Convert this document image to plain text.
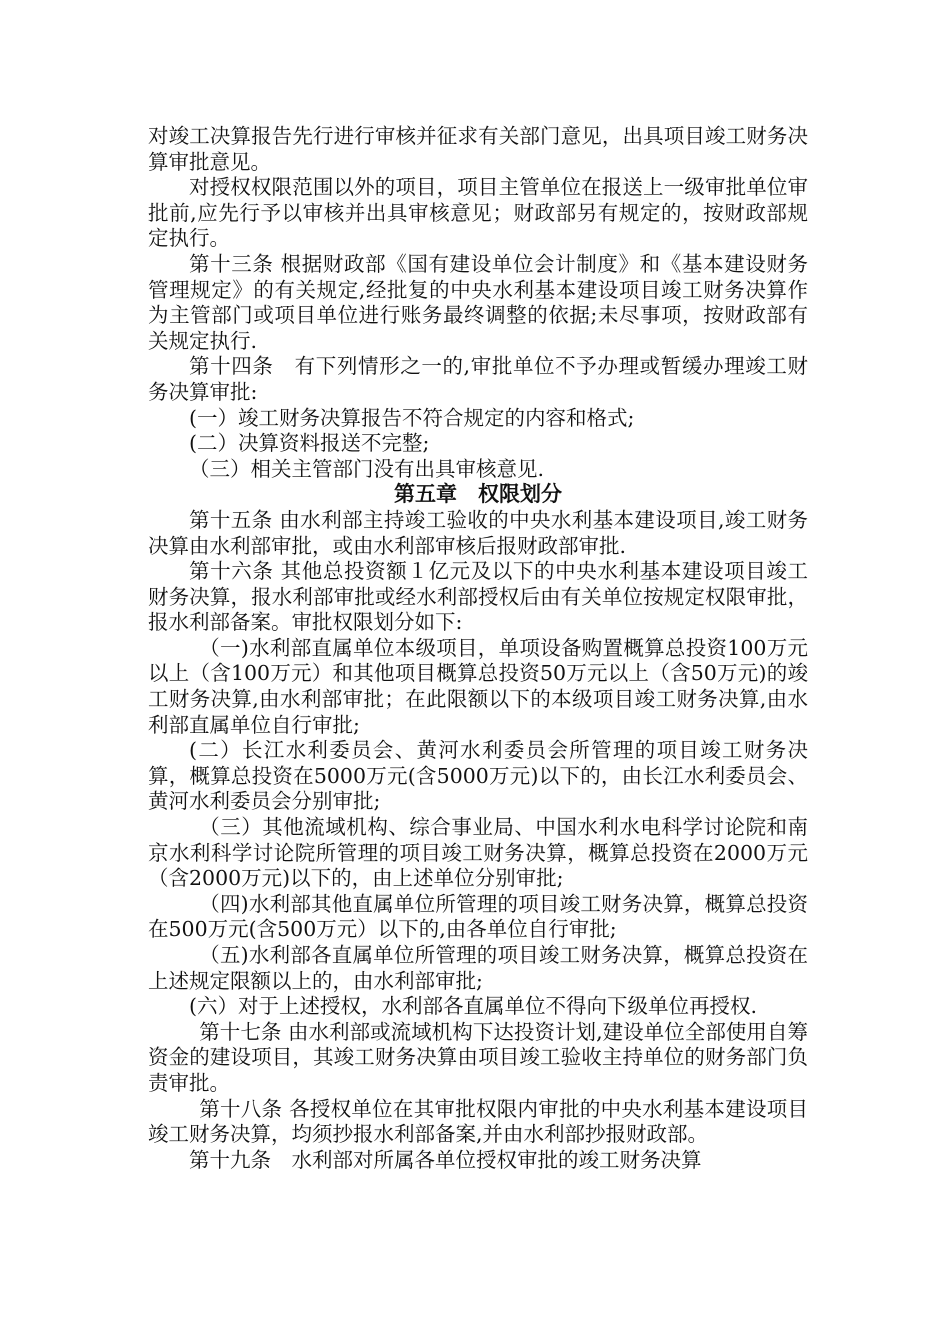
对竣工决算报告先行进行审核并征求有关部门意见，出具项目竣工财务决算审批意见。

对授权权限范围以外的项目，项目主管单位在报送上一级审批单位审批前,应先行予以审核并出具审核意见；财政部另有规定的，按财政部规定执行。

第十三条 根据财政部《国有建设单位会计制度》和《基本建设财务管理规定》的有关规定,经批复的中央水利基本建设项目竣工财务决算作为主管部门或项目单位进行账务最终调整的依据;未尽事项，按财政部有关规定执行.

第十四条　有下列情形之一的,审批单位不予办理或暂缓办理竣工财务决算审批:

(一）竣工财务决算报告不符合规定的内容和格式;

(二）决算资料报送不完整;

（三）相关主管部门没有出具审核意见.

第五章　权限划分

第十五条 由水利部主持竣工验收的中央水利基本建设项目,竣工财务决算由水利部审批，或由水利部审核后报财政部审批.

第十六条 其他总投资额１亿元及以下的中央水利基本建设项目竣工财务决算，报水利部审批或经水利部授权后由有关单位按规定权限审批，报水利部备案。审批权限划分如下:

（一)水利部直属单位本级项目，单项设备购置概算总投资100万元以上（含100万元）和其他项目概算总投资50万元以上（含50万元)的竣工财务决算,由水利部审批；在此限额以下的本级项目竣工财务决算,由水利部直属单位自行审批;

(二）长江水利委员会、黄河水利委员会所管理的项目竣工财务决算，概算总投资在5000万元(含5000万元)以下的，由长江水利委员会、黄河水利委员会分别审批;

（三）其他流域机构、综合事业局、中国水利水电科学讨论院和南京水利科学讨论院所管理的项目竣工财务决算，概算总投资在2000万元（含2000万元)以下的，由上述单位分别审批;

（四)水利部其他直属单位所管理的项目竣工财务决算，概算总投资在500万元(含500万元）以下的,由各单位自行审批;

（五)水利部各直属单位所管理的项目竣工财务决算，概算总投资在上述规定限额以上的，由水利部审批;

(六）对于上述授权，水利部各直属单位不得向下级单位再授权.

第十七条 由水利部或流域机构下达投资计划,建设单位全部使用自筹资金的建设项目，其竣工财务决算由项目竣工验收主持单位的财务部门负责审批。

第十八条 各授权单位在其审批权限内审批的中央水利基本建设项目竣工财务决算，均须抄报水利部备案,并由水利部抄报财政部。

第十九条　水利部对所属各单位授权审批的竣工财务决算
